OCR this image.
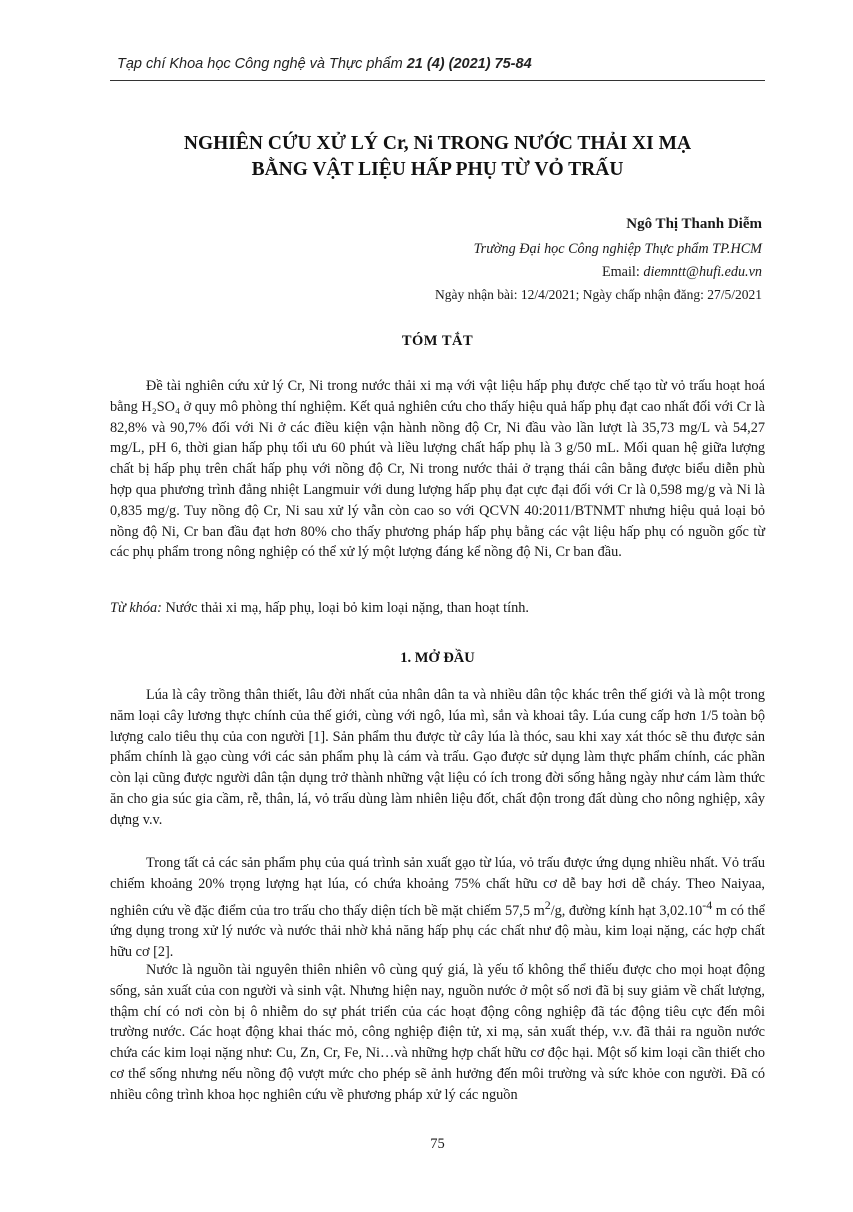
Tạp chí Khoa học Công nghệ và Thực phẩm 21 (4) (2021) 75-84
NGHIÊN CỨU XỬ LÝ Cr, Ni TRONG NƯỚC THẢI XI MẠ
BẰNG VẬT LIỆU HẤP PHỤ TỪ VỎ TRẤU
Ngô Thị Thanh Diễm
Trường Đại học Công nghiệp Thực phẩm TP.HCM
Email: diemntt@hufi.edu.vn
Ngày nhận bài: 12/4/2021; Ngày chấp nhận đăng: 27/5/2021
TÓM TẮT

Đề tài nghiên cứu xử lý Cr, Ni trong nước thải xi mạ với vật liệu hấp phụ được chế tạo từ vỏ trấu hoạt hoá bằng H₂SO₄ ở quy mô phòng thí nghiệm. Kết quả nghiên cứu cho thấy hiệu quả hấp phụ đạt cao nhất đối với Cr là 82,8% và 90,7% đối với Ni ở các điều kiện vận hành nồng độ Cr, Ni đầu vào lần lượt là 35,73 mg/L và 54,27 mg/L, pH 6, thời gian hấp phụ tối ưu 60 phút và liều lượng chất hấp phụ là 3 g/50 mL. Mối quan hệ giữa lượng chất bị hấp phụ trên chất hấp phụ với nồng độ Cr, Ni trong nước thải ở trạng thái cân bằng được biểu diễn phù hợp qua phương trình đẳng nhiệt Langmuir với dung lượng hấp phụ đạt cực đại đối với Cr là 0,598 mg/g và Ni là 0,835 mg/g. Tuy nồng độ Cr, Ni sau xử lý vẫn còn cao so với QCVN 40:2011/BTNMT nhưng hiệu quả loại bỏ nồng độ Ni, Cr ban đầu đạt hơn 80% cho thấy phương pháp hấp phụ bằng các vật liệu hấp phụ có nguồn gốc từ các phụ phẩm trong nông nghiệp có thể xử lý một lượng đáng kể nồng độ Ni, Cr ban đầu.

Từ khóa: Nước thải xi mạ, hấp phụ, loại bỏ kim loại nặng, than hoạt tính.
1. MỞ ĐẦU

Lúa là cây trồng thân thiết, lâu đời nhất của nhân dân ta và nhiều dân tộc khác trên thế giới và là một trong năm loại cây lương thực chính của thế giới, cùng với ngô, lúa mì, sắn và khoai tây. Lúa cung cấp hơn 1/5 toàn bộ lượng calo tiêu thụ của con người [1]. Sản phẩm thu được từ cây lúa là thóc, sau khi xay xát thóc sẽ thu được sản phẩm chính là gạo cùng với các sản phẩm phụ là cám và trấu. Gạo được sử dụng làm thực phẩm chính, các phần còn lại cũng được người dân tận dụng trở thành những vật liệu có ích trong đời sống hằng ngày như cám làm thức ăn cho gia súc gia cầm, rễ, thân, lá, vỏ trấu dùng làm nhiên liệu đốt, chất độn trong đất dùng cho nông nghiệp, xây dựng v.v.

Trong tất cả các sản phẩm phụ của quá trình sản xuất gạo từ lúa, vỏ trấu được ứng dụng nhiều nhất. Vỏ trấu chiếm khoảng 20% trọng lượng hạt lúa, có chứa khoảng 75% chất hữu cơ dễ bay hơi dễ cháy. Theo Naiyaa, nghiên cứu về đặc điểm của tro trấu cho thấy diện tích bề mặt chiếm 57,5 $m^2/g$, đường kính hạt $3,02.10^{-4}$ m có thể ứng dụng trong xử lý nước và nước thải nhờ khả năng hấp phụ các chất như độ màu, kim loại nặng, các hợp chất hữu cơ [2].

Nước là nguồn tài nguyên thiên nhiên vô cùng quý giá, là yếu tố không thể thiếu được cho mọi hoạt động sống, sản xuất của con người và sinh vật. Nhưng hiện nay, nguồn nước ở một số nơi đã bị suy giảm về chất lượng, thậm chí có nơi còn bị ô nhiễm do sự phát triển của các hoạt động công nghiệp đã tác động tiêu cực đến môi trường nước. Các hoạt động khai thác mỏ, công nghiệp điện tử, xi mạ, sản xuất thép, v.v. đã thải ra nguồn nước chứa các kim loại nặng như: Cu, Zn, Cr, Fe, Ni…và những hợp chất hữu cơ độc hại. Một số kim loại cần thiết cho cơ thể sống nhưng nếu nồng độ vượt mức cho phép sẽ ảnh hưởng đến môi trường và sức khỏe con người. Đã có nhiều công trình khoa học nghiên cứu về phương pháp xử lý các nguồn

75
